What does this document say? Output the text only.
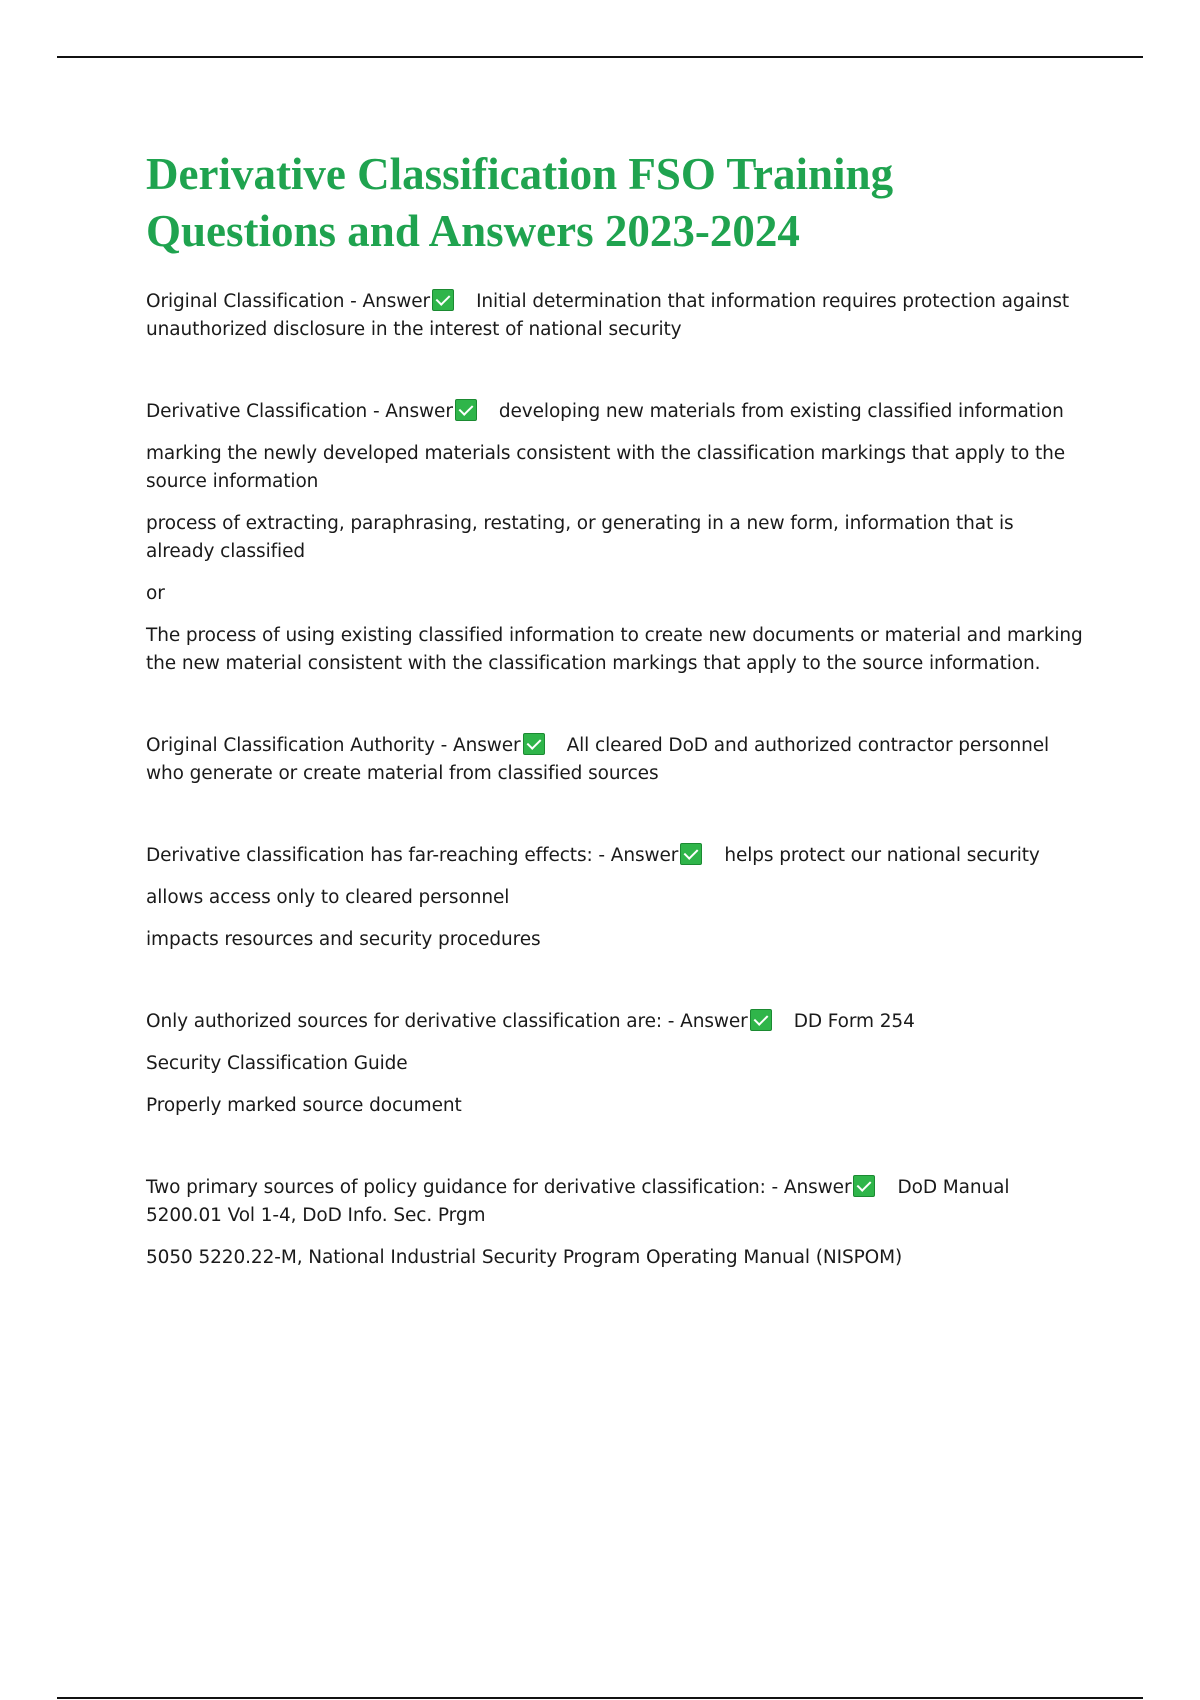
Derivative Classification FSO Training
Questions and Answers 2023-2024

Original Classification - Answer Initial determination that information requires protection against unauthorized disclosure in the interest of national security

Derivative Classification - Answer developing new materials from existing classified information

marking the newly developed materials consistent with the classification markings that apply to the source information

process of extracting, paraphrasing, restating, or generating in a new form, information that is already classified

or

The process of using existing classified information to create new documents or material and marking the new material consistent with the classification markings that apply to the source information.

Original Classification Authority - Answer All cleared DoD and authorized contractor personnel who generate or create material from classified sources

Derivative classification has far-reaching effects: - Answer helps protect our national security

allows access only to cleared personnel

impacts resources and security procedures

Only authorized sources for derivative classification are: - Answer DD Form 254

Security Classification Guide

Properly marked source document

Two primary sources of policy guidance for derivative classification: - Answer DoD Manual 5200.01 Vol 1-4, DoD Info. Sec. Prgm

5050 5220.22-M, National Industrial Security Program Operating Manual (NISPOM)
